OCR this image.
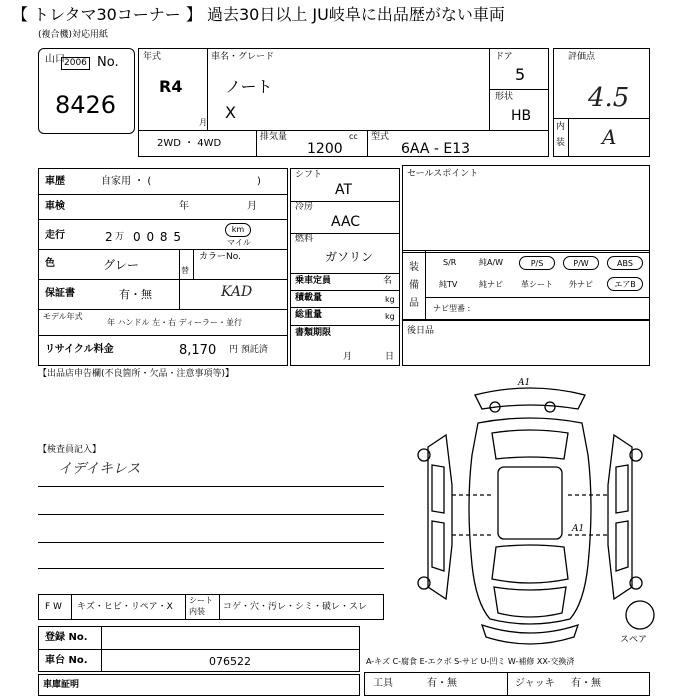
【 トレタマ30コーナー 】 過去30日以上 JU岐阜に出品歴がない車両
(複合機)対応用紙
山口 2006 No.
8426
年式
R4
月
車名・グレード
ノート
X
ドア
5
形状
HB
2WD ・ 4WD
排気量	cc
1200
型式
6AA - E13
評価点
4.5
内
装 A
車歴	自家用 ・ (	)
車検	年	月
走行	2 万 0 0 8 5
km
マイル
色	グレー	替
カラーNo.
保証書	有・無	KAD
モデル年式
年 ハンドル 左・右 ディーラー・並行
リサイクル料金	8,170 円 預託済
シフト
AT
冷房
AAC
燃料
ガソリン
乗車定員	名
積載量	kg
総重量	kg
書類期限
月	日
セールスポイント
装
備
品
S/R	純A/W	P/S	P/W	ABS
純TV	純ナビ 革シート 外ナビ	エアB
ナビ型番 :
後日品
【出品店申告欄(不良箇所・欠品・注意事項等)】
【検査員記入】
イデイキレス
F W キズ・ヒビ・リペア・X
シート
内装 コゲ・穴・汚レ・シミ・破レ・スレ
登録 No.
車台 No.	076522
車庫証明
A-キズ C-腐食 E-エクボ S-サビ U-凹ミ W-補修 XX-交換済
工具	有・無	ジャッキ 有・無
A1
A1
スペア
